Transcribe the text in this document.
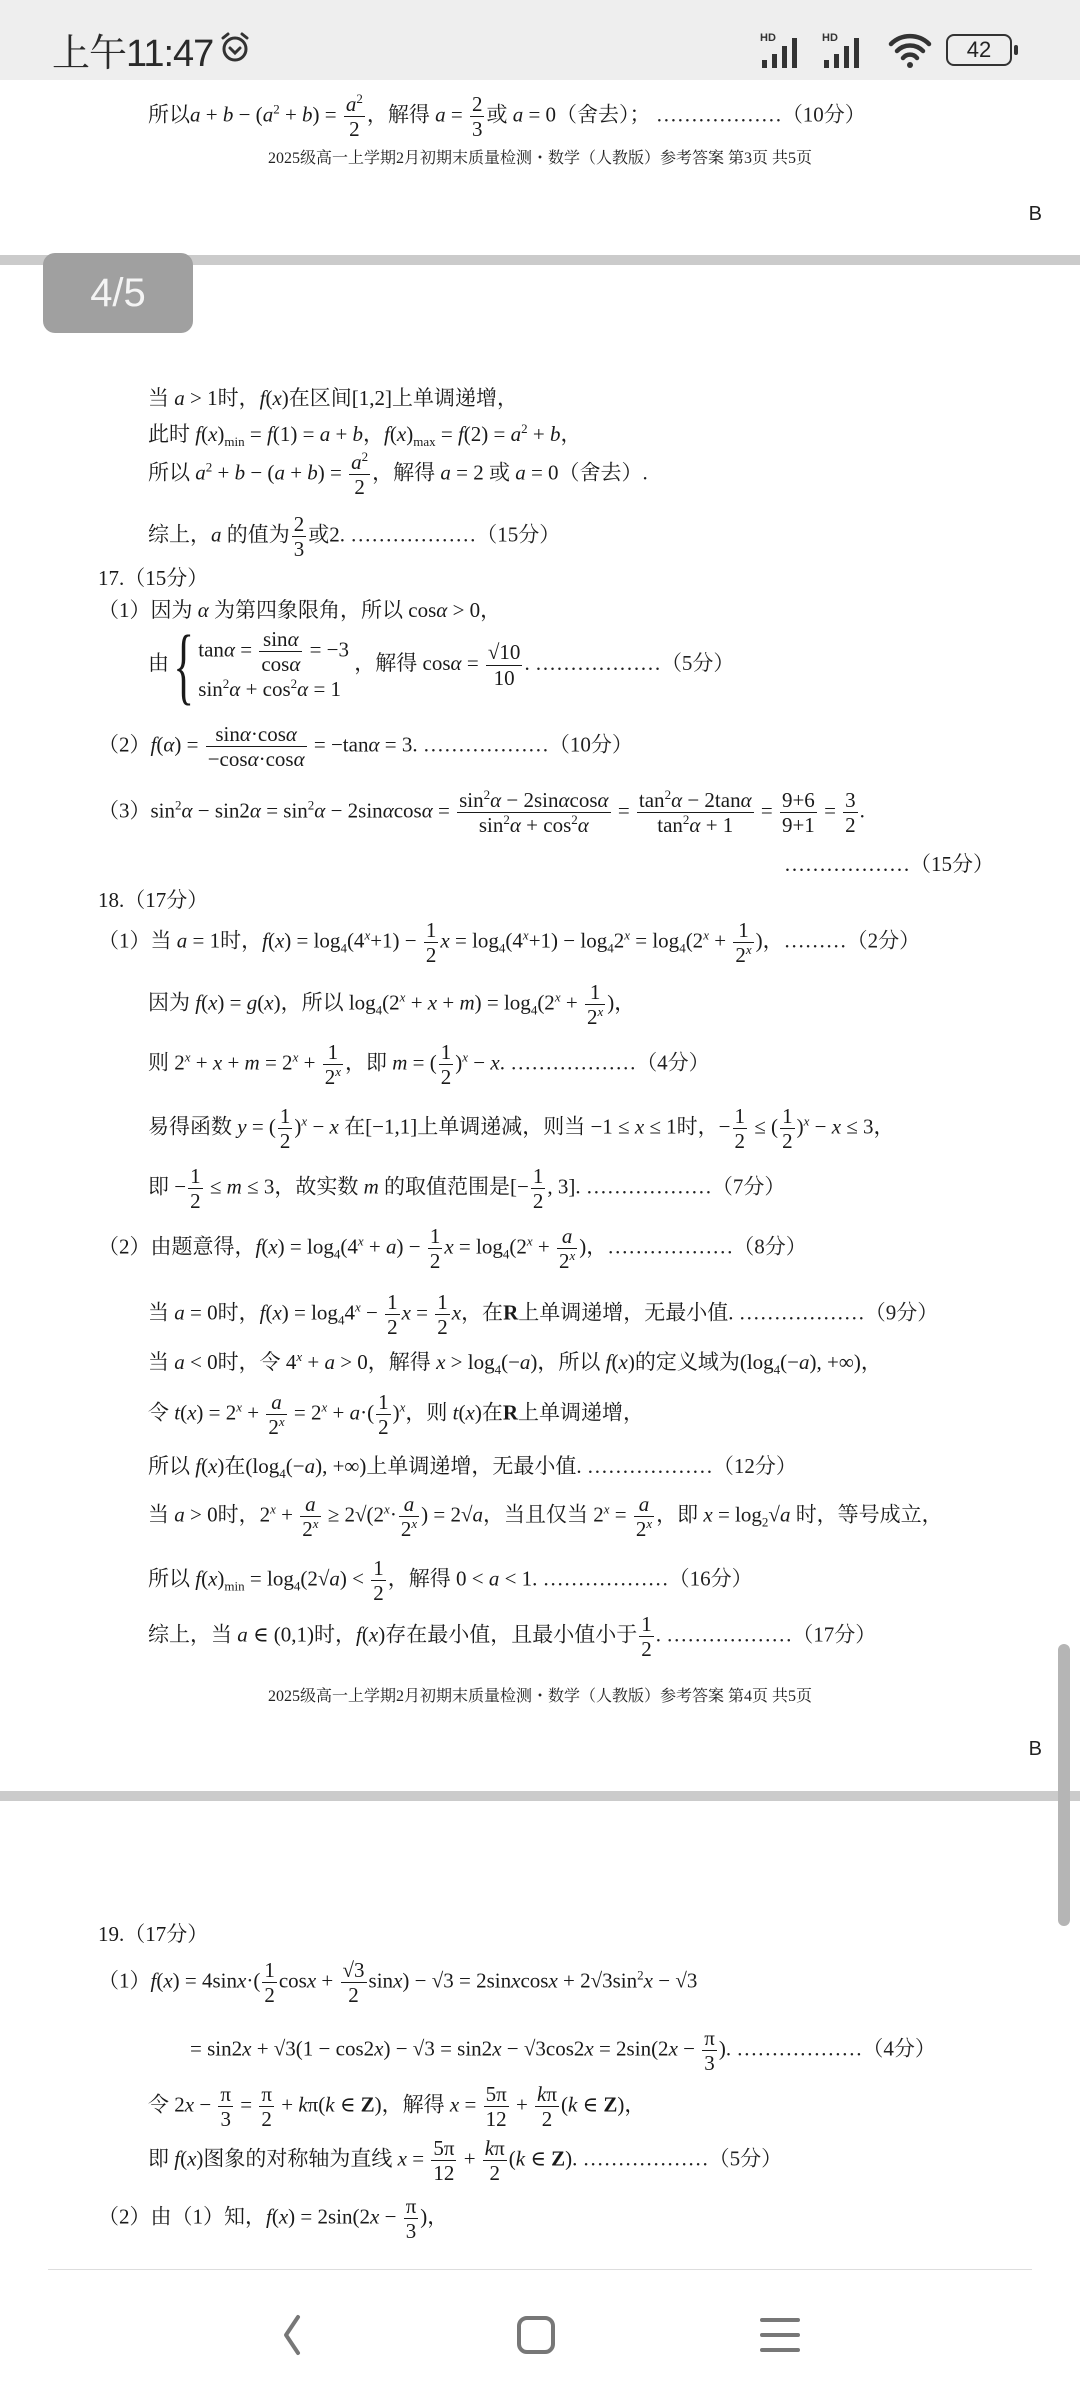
上午11:47	HD	HD	42
所以$a + b - (a^2 + b) = \frac{a^2}{2}$ ，解得 $a = \frac{2}{3}$ 或 a = 0（舍去）； ………………（10分）
2025级高一上学期2月初期末质量检测・数学（人教版）参考答案 第3页 共5页
B
4/5
当 a > 1时，f(x)在区间[1,2]上单调递增，
此时 $f(x)_{min} = f(1) = a + b$，$f(x)_{max} = f(2) = a^2 + b$，
所以 $a^2 + b - (a + b) = \frac{a^2}{2}$ ，解得 a = 2 或 a = 0（舍去）.
综上，a 的值为 $\frac{2}{3}$ 或2. ………………（15分）
17.（15分）
（1）因为 α 为第四象限角，所以 cosα > 0，
由{ $\tan\alpha = \frac{\sin\alpha}{\cos\alpha} = -3$
$\sin^2\alpha + \cos^2\alpha = 1$
，解得 $\cos\alpha = \frac{√10}{10}$ . ………………（5分）
$(2)f(\alpha) = \frac{\sin\alpha\cdot\cos\alpha}{-\cos\alpha\cdot\cos\alpha} = -\tan\alpha = 3$. ………………（10分）
$(3)\sin^2\alpha - \sin 2\alpha = \sin^2\alpha - 2\sin\alpha\cos\alpha = \frac{\sin^2\alpha - 2\sin\alpha\cos\alpha}{\sin^2\alpha + \cos^2\alpha} = \frac{\tan^2\alpha - 2\tan\alpha}{\tan^2\alpha + 1} = \frac{9+6}{9+1} = \frac{3}{2}$ .
………………（15分）
18.（17分）
（1）当 a = 1时，$f(x) = \log_4(4^x+1) - \frac{1}{2}$ $x = \log_4(4^x+1) - \log_42^x = \log_4(2^x + \frac{1}{2^x}$ )，………（2分）
因为 f(x) = g(x)，所以 $\log_4(2^x + x + m) = \log_4(2^x + \frac{1}{2^x}$ )，
则 $2^x + x + m = 2^x + \frac{1}{2^x}$ ，即 m = ( $\frac{1}{2} )^x - x$. ………………（4分）
易得函数 y = ( $\frac{1}{2} )^x - x$ 在[−1,1]上单调递减，则当 −1 ≤ x ≤ 1时，− $\frac{1}{2}$ ≤ ( $\frac{1}{2} )^x - x \le 3$，
即 − $\frac{1}{2} \le m \le 3$，故实数 m 的取值范围是[− $\frac{1}{2}$ , 3]. ………………（7分）
（2）由题意得，$f(x) = \log_4(4^x + a) - \frac{1}{2}$ $x = \log_4(2^x + \frac{a}{2^x}$ )，………………（8分）
当 a = 0时，$f(x) = \log_44^x - \frac{1}{2}$ $x = \frac{1}{2}$ x，在R上单调递增，无最小值. ………………（9分）
当 a < 0时，令 $4^x + a > 0$，解得 $x > \log_4(-a)$，所以 f(x)的定义域为($\log_4(-a)$, +∞)，
令 $t(x) = 2^x + \frac{a}{2^x} = 2^x + a\cdot( \frac{1}{2} )^x$，则 t(x)在R上单调递增，
所以 f(x)在($\log_4(-a)$, +∞)上单调递增，无最小值. ………………（12分）
当 a > 0时，$2^x + \frac{a}{2^x} \ge 2√(2^x\cdot \frac{a}{2^x}$ ) = 2√a，当且仅当 $2^x = \frac{a}{2^x}$ ，即 $x = \log_2√a$ 时，等号成立，
所以 $f(x)_{min} = \log_4(2√a) < \frac{1}{2}$ ，解得 0 < a < 1. ………………（16分）
综上，当 a ∈ (0,1)时，f(x)存在最小值，且最小值小于 $\frac{1}{2}$ . ………………（17分）
2025级高一上学期2月初期末质量检测・数学（人教版）参考答案 第4页 共5页
B
19.（17分）
$(1)f(x) = 4\sin x\cdot( \frac{1}{2}$ $\cos x + \frac{√3}{2} \sin x) - √3$ = 2sinxcosx + $2√3\sin^2x - √3$
= $\sin 2x + √3(1 - \cos 2x) - √3 = \sin 2x - √3\cos 2x = 2\sin(2x - \frac{\pi}{3}$ ). ………………（4分）
令 $2x - \frac{\pi}{3} = \frac{\pi}{2} + k\pi(k$ ∈ Z)，解得 $x = \frac{5\pi}{12} + \frac{k\pi}{2} (k$ ∈ Z)，
即 f(x)图象的对称轴为直线 $x = \frac{5\pi}{12} + \frac{k\pi}{2} (k$ ∈ Z). ………………（5分）
（2）由（1）知，$f(x) = 2\sin(2x - \frac{\pi}{3}$ )，
